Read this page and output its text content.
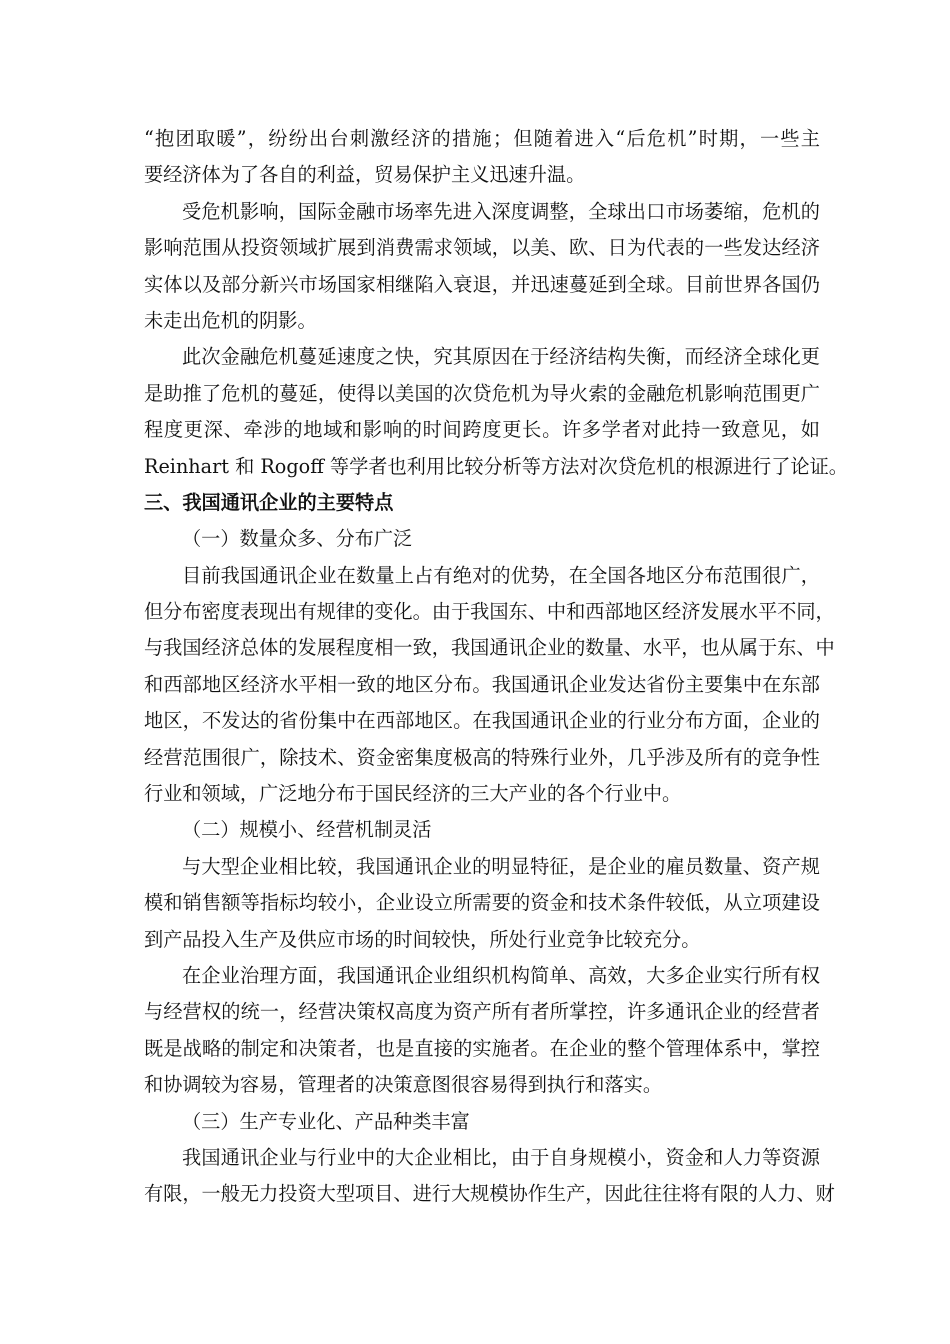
“抱团取暖”，纷纷出台刺激经济的措施；但随着进入“后危机”时期，一些主
要经济体为了各自的利益，贸易保护主义迅速升温。
受危机影响，国际金融市场率先进入深度调整，全球出口市场萎缩，危机的
影响范围从投资领域扩展到消费需求领域，以美、欧、日为代表的一些发达经济
实体以及部分新兴市场国家相继陷入衰退，并迅速蔓延到全球。目前世界各国仍
未走出危机的阴影。
此次金融危机蔓延速度之快，究其原因在于经济结构失衡，而经济全球化更
是助推了危机的蔓延，使得以美国的次贷危机为导火索的金融危机影响范围更广
程度更深、牵涉的地域和影响的时间跨度更长。许多学者对此持一致意见，如
Reinhart 和 Rogoff 等学者也利用比较分析等方法对次贷危机的根源进行了论证。
三、我国通讯企业的主要特点
（一）数量众多、分布广泛
目前我国通讯企业在数量上占有绝对的优势，在全国各地区分布范围很广，
但分布密度表现出有规律的变化。由于我国东、中和西部地区经济发展水平不同，
与我国经济总体的发展程度相一致，我国通讯企业的数量、水平，也从属于东、中
和西部地区经济水平相一致的地区分布。我国通讯企业发达省份主要集中在东部
地区，不发达的省份集中在西部地区。在我国通讯企业的行业分布方面，企业的
经营范围很广，除技术、资金密集度极高的特殊行业外，几乎涉及所有的竞争性
行业和领域，广泛地分布于国民经济的三大产业的各个行业中。
（二）规模小、经营机制灵活
与大型企业相比较，我国通讯企业的明显特征，是企业的雇员数量、资产规
模和销售额等指标均较小，企业设立所需要的资金和技术条件较低，从立项建设
到产品投入生产及供应市场的时间较快，所处行业竞争比较充分。
在企业治理方面，我国通讯企业组织机构简单、高效，大多企业实行所有权
与经营权的统一，经营决策权高度为资产所有者所掌控，许多通讯企业的经营者
既是战略的制定和决策者，也是直接的实施者。在企业的整个管理体系中，掌控
和协调较为容易，管理者的决策意图很容易得到执行和落实。
（三）生产专业化、产品种类丰富
我国通讯企业与行业中的大企业相比，由于自身规模小，资金和人力等资源
有限，一般无力投资大型项目、进行大规模协作生产，因此往往将有限的人力、财
